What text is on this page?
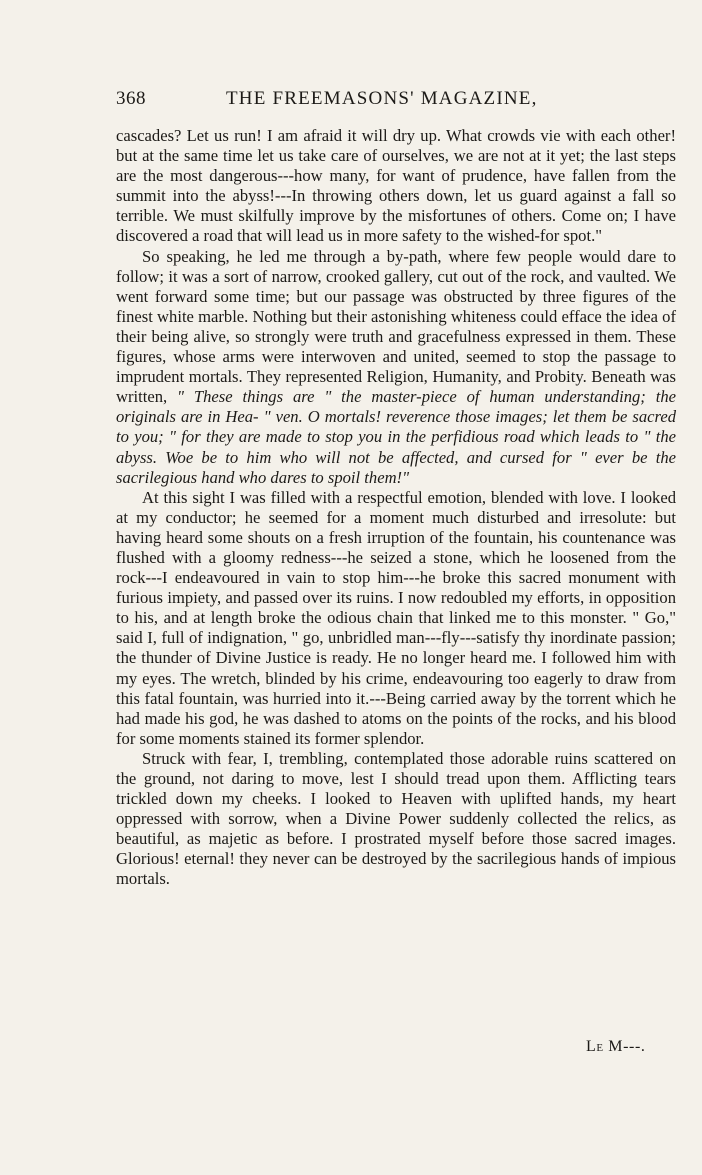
368	THE FREEMASONS' MAGAZINE,

cascades? Let us run! I am afraid it will dry up. What crowds vie with each other! but at the same time let us take care of ourselves, we are not at it yet; the last steps are the most dangerous---how many, for want of prudence, have fallen from the summit into the abyss!---In throwing others down, let us guard against a fall so terrible. We must skilfully improve by the misfortunes of others. Come on; I have discovered a road that will lead us in more safety to the wished-for spot."

So speaking, he led me through a by-path, where few people would dare to follow; it was a sort of narrow, crooked gallery, cut out of the rock, and vaulted. We went forward some time; but our passage was obstructed by three figures of the finest white marble. Nothing but their astonishing whiteness could efface the idea of their being alive, so strongly were truth and gracefulness expressed in them. These figures, whose arms were interwoven and united, seemed to stop the passage to imprudent mortals. They represented Religion, Humanity, and Probity. Beneath was written, " These things are " the master-piece of human understanding; the originals are in Hea- " ven. O mortals! reverence those images; let them be sacred to you; " for they are made to stop you in the perfidious road which leads to " the abyss. Woe be to him who will not be affected, and cursed for " ever be the sacrilegious hand who dares to spoil them!"

At this sight I was filled with a respectful emotion, blended with love. I looked at my conductor; he seemed for a moment much disturbed and irresolute: but having heard some shouts on a fresh irruption of the fountain, his countenance was flushed with a gloomy redness---he seized a stone, which he loosened from the rock---I endeavoured in vain to stop him---he broke this sacred monument with furious impiety, and passed over its ruins. I now redoubled my efforts, in opposition to his, and at length broke the odious chain that linked me to this monster. " Go," said I, full of indignation, " go, unbridled man---fly---satisfy thy inordinate passion; the thunder of Divine Justice is ready. He no longer heard me. I followed him with my eyes. The wretch, blinded by his crime, endeavouring too eagerly to draw from this fatal fountain, was hurried into it.---Being carried away by the torrent which he had made his god, he was dashed to atoms on the points of the rocks, and his blood for some moments stained its former splendor.

Struck with fear, I, trembling, contemplated those adorable ruins scattered on the ground, not daring to move, lest I should tread upon them. Afflicting tears trickled down my cheeks. I looked to Heaven with uplifted hands, my heart oppressed with sorrow, when a Divine Power suddenly collected the relics, as beautiful, as majetic as before. I prostrated myself before those sacred images. Glorious! eternal! they never can be destroyed by the sacrilegious hands of impious mortals.

Le M---.
